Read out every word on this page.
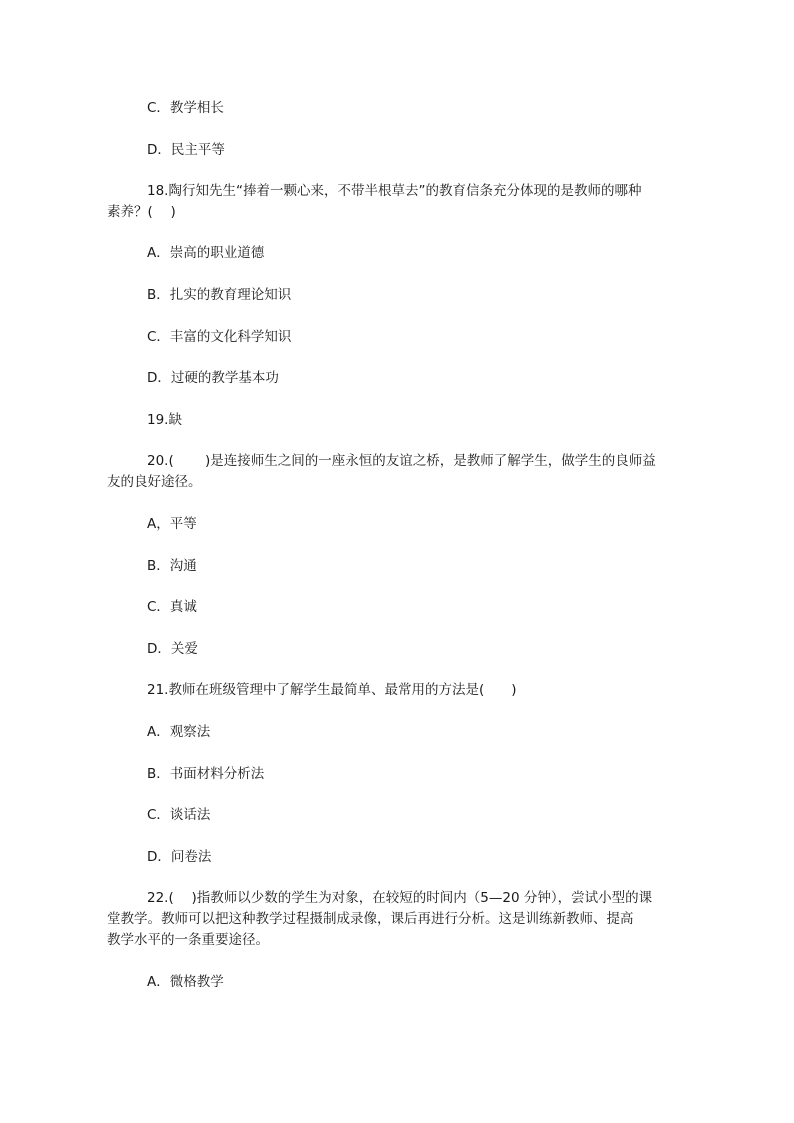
C．教学相长
D．民主平等
18.陶行知先生“捧着一颗心来，不带半根草去”的教育信条充分体现的是教师的哪种
素养？(　 )
A．崇高的职业道德
B．扎实的教育理论知识
C．丰富的文化科学知识
D．过硬的教学基本功
19.缺
20.(　　 )是连接师生之间的一座永恒的友谊之桥，是教师了解学生，做学生的良师益
友的良好途径。
A，平等
B．沟通
C．真诚
D．关爱
21.教师在班级管理中了解学生最简单、最常用的方法是(　　)
A．观察法
B．书面材料分析法
C．谈话法
D．问卷法
22.(　 )指教师以少数的学生为对象，在较短的时间内（5—20 分钟），尝试小型的课
堂教学。教师可以把这种教学过程摄制成录像，课后再进行分析。这是训练新教师、提高
教学水平的一条重要途径。
A．微格教学
